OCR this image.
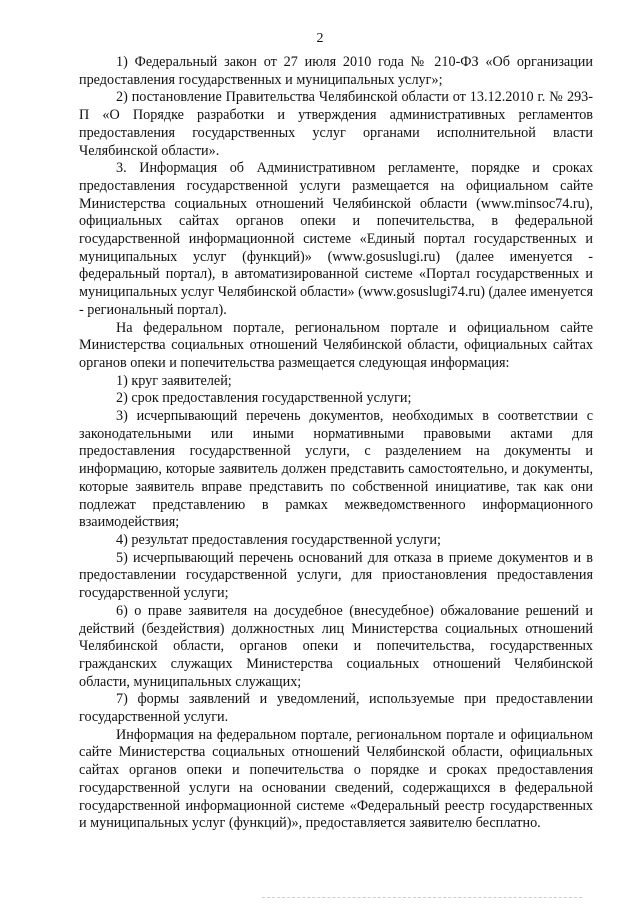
2

1) Федеральный закон от 27 июля 2010 года № 210-ФЗ «Об организации предоставления государственных и муниципальных услуг»;

2) постановление Правительства Челябинской области от 13.12.2010 г. № 293-П «О Порядке разработки и утверждения административных регламентов предоставления государственных услуг органами исполнительной власти Челябинской области».

3. Информация об Административном регламенте, порядке и сроках предоставления государственной услуги размещается на официальном сайте Министерства социальных отношений Челябинской области (www.minsoc74.ru), официальных сайтах органов опеки и попечительства, в федеральной государственной информационной системе «Единый портал государственных и муниципальных услуг (функций)» (www.gosuslugi.ru) (далее именуется - федеральный портал), в автоматизированной системе «Портал государственных и муниципальных услуг Челябинской области» (www.gosuslugi74.ru) (далее именуется - региональный портал).

На федеральном портале, региональном портале и официальном сайте Министерства социальных отношений Челябинской области, официальных сайтах органов опеки и попечительства размещается следующая информация:

1) круг заявителей;

2) срок предоставления государственной услуги;

3) исчерпывающий перечень документов, необходимых в соответствии с законодательными или иными нормативными правовыми актами для предоставления государственной услуги, с разделением на документы и информацию, которые заявитель должен представить самостоятельно, и документы, которые заявитель вправе представить по собственной инициативе, так как они подлежат представлению в рамках межведомственного информационного взаимодействия;

4) результат предоставления государственной услуги;

5) исчерпывающий перечень оснований для отказа в приеме документов и в предоставлении государственной услуги, для приостановления предоставления государственной услуги;

6) о праве заявителя на досудебное (внесудебное) обжалование решений и действий (бездействия) должностных лиц Министерства социальных отношений Челябинской области, органов опеки и попечительства, государственных гражданских служащих Министерства социальных отношений Челябинской области, муниципальных служащих;

7) формы заявлений и уведомлений, используемые при предоставлении государственной услуги.

Информация на федеральном портале, региональном портале и официальном сайте Министерства социальных отношений Челябинской области, официальных сайтах органов опеки и попечительства о порядке и сроках предоставления государственной услуги на основании сведений, содержащихся в федеральной государственной информационной системе «Федеральный реестр государственных и муниципальных услуг (функций)», предоставляется заявителю бесплатно.
